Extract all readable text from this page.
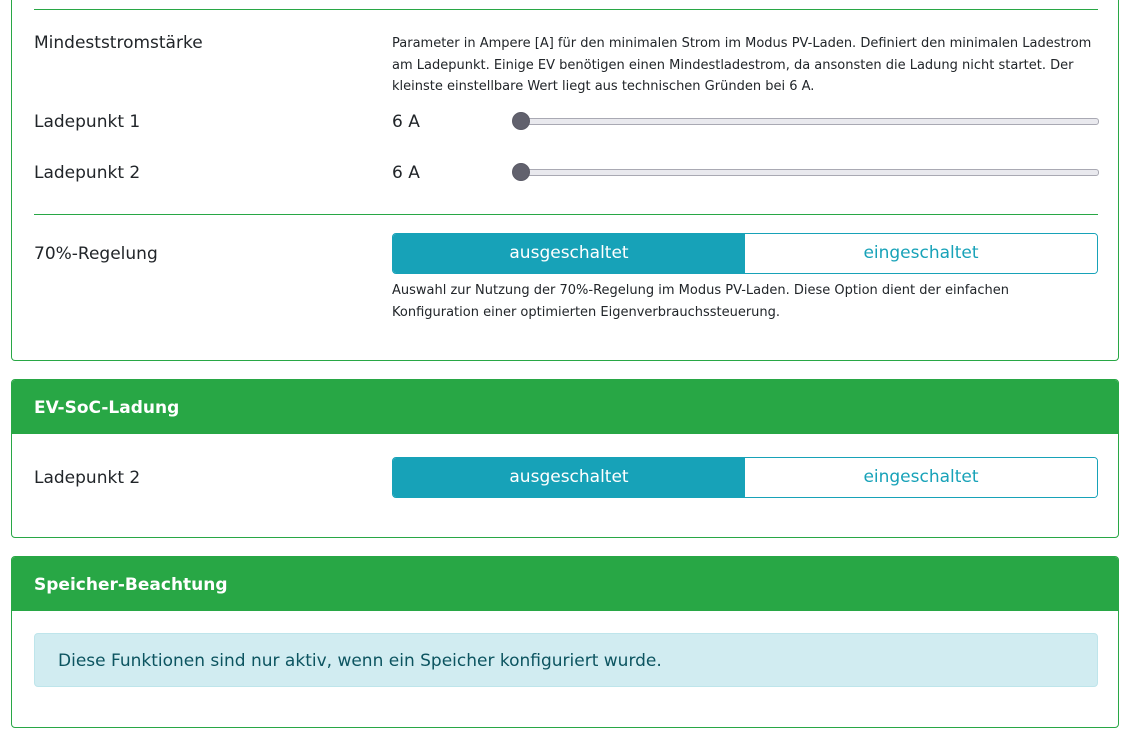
Mindeststromstärke	Parameter in Ampere [A] für den minimalen Strom im Modus PV-Laden. Definiert den minimalen Ladestrom am Ladepunkt. Einige EV benötigen einen Mindestladestrom, da ansonsten die Ladung nicht startet. Der kleinste einstellbare Wert liegt aus technischen Gründen bei 6 A.
Ladepunkt 1	6 A
Ladepunkt 2	6 A
70%-Regelung	ausgeschaltet	eingeschaltet
Auswahl zur Nutzung der 70%-Regelung im Modus PV-Laden. Diese Option dient der einfachen Konfiguration einer optimierten Eigenverbrauchssteuerung.
EV-SoC-Ladung
Ladepunkt 2	ausgeschaltet	eingeschaltet
Speicher-Beachtung
Diese Funktionen sind nur aktiv, wenn ein Speicher konfiguriert wurde.
